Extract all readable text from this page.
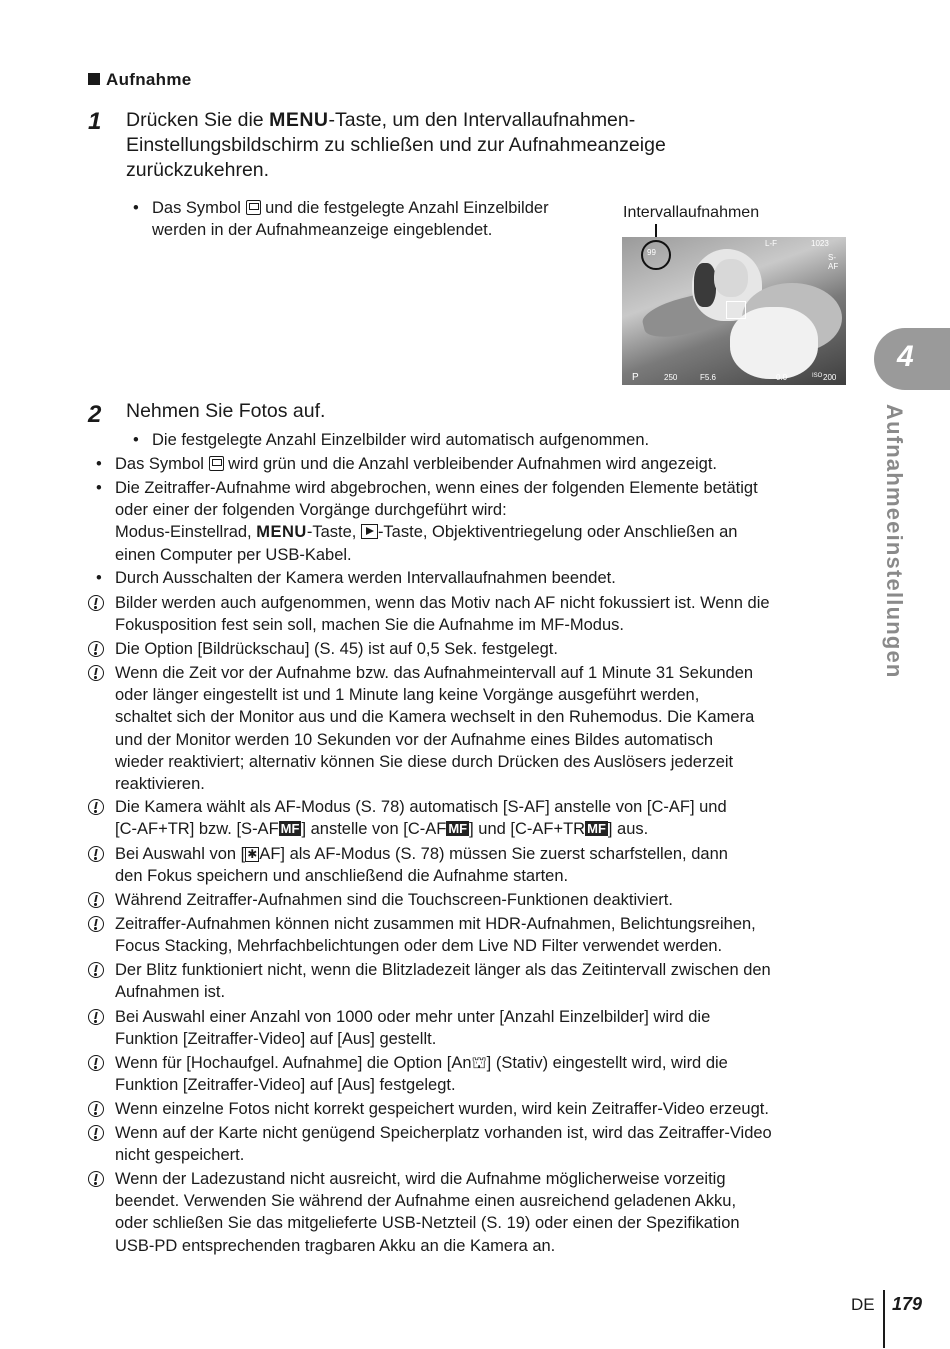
Aufnahme
1 Drücken Sie die MENU-Taste, um den Intervallaufnahmen-
Einstellungsbildschirm zu schließen und zur Aufnahmeanzeige
zurückzukehren.
• Das Symbol  und die festgelegte Anzahl Einzelbilder
werden in der Aufnahmeanzeige eingeblendet.
Intervallaufnahmen
99
L-F	1023
S-AF
P	250	F5.6	0.0	ISO 200
2 Nehmen Sie Fotos auf.
• Die festgelegte Anzahl Einzelbilder wird automatisch aufgenommen.
• Das Symbol  wird grün und die Anzahl verbleibender Aufnahmen wird angezeigt.
• Die Zeitraffer-Aufnahme wird abgebrochen, wenn eines der folgenden Elemente betätigt
oder einer der folgenden Vorgänge durchgeführt wird:
Modus-Einstellrad, MENU-Taste, -Taste, Objektiventriegelung oder Anschließen an
einen Computer per USB-Kabel.
• Durch Ausschalten der Kamera werden Intervallaufnahmen beendet.
Bilder werden auch aufgenommen, wenn das Motiv nach AF nicht fokussiert ist. Wenn die
Fokusposition fest sein soll, machen Sie die Aufnahme im MF-Modus.
Die Option [Bildrückschau] (S. 45) ist auf 0,5 Sek. festgelegt.
Wenn die Zeit vor der Aufnahme bzw. das Aufnahmeintervall auf 1 Minute 31 Sekunden
oder länger eingestellt ist und 1 Minute lang keine Vorgänge ausgeführt werden,
schaltet sich der Monitor aus und die Kamera wechselt in den Ruhemodus. Die Kamera
und der Monitor werden 10 Sekunden vor der Aufnahme eines Bildes automatisch
wieder reaktiviert; alternativ können Sie diese durch Drücken des Auslösers jederzeit
reaktivieren.
Die Kamera wählt als AF-Modus (S. 78) automatisch [S-AF] anstelle von [C-AF] und
[C-AF+TR] bzw. [S-AF MF ] anstelle von [C-AF MF ] und [C-AF+TR MF ] aus.
Bei Auswahl von [ ✱ AF] als AF-Modus (S. 78) müssen Sie zuerst scharfstellen, dann
den Fokus speichern und anschließend die Aufnahme starten.
Während Zeitraffer-Aufnahmen sind die Touchscreen-Funktionen deaktiviert.
Zeitraffer-Aufnahmen können nicht zusammen mit HDR-Aufnahmen, Belichtungsreihen,
Focus Stacking, Mehrfachbelichtungen oder dem Live ND Filter verwendet werden.
Der Blitz funktioniert nicht, wenn die Blitzladezeit länger als das Zeitintervall zwischen den
Aufnahmen ist.
Bei Auswahl einer Anzahl von 1000 oder mehr unter [Anzahl Einzelbilder] wird die
Funktion [Zeitraffer-Video] auf [Aus] gestellt.
Wenn für [Hochaufgel. Aufnahme] die Option [An⛫] (Stativ) eingestellt wird, wird die
Funktion [Zeitraffer-Video] auf [Aus] festgelegt.
Wenn einzelne Fotos nicht korrekt gespeichert wurden, wird kein Zeitraffer-Video erzeugt.
Wenn auf der Karte nicht genügend Speicherplatz vorhanden ist, wird das Zeitraffer-Video
nicht gespeichert.
Wenn der Ladezustand nicht ausreicht, wird die Aufnahme möglicherweise vorzeitig
beendet. Verwenden Sie während der Aufnahme einen ausreichend geladenen Akku,
oder schließen Sie das mitgelieferte USB-Netzteil (S. 19) oder einen der Spezifikation
USB-PD entsprechenden tragbaren Akku an die Kamera an.
4
Aufnahmeeinstellungen
DE 179
